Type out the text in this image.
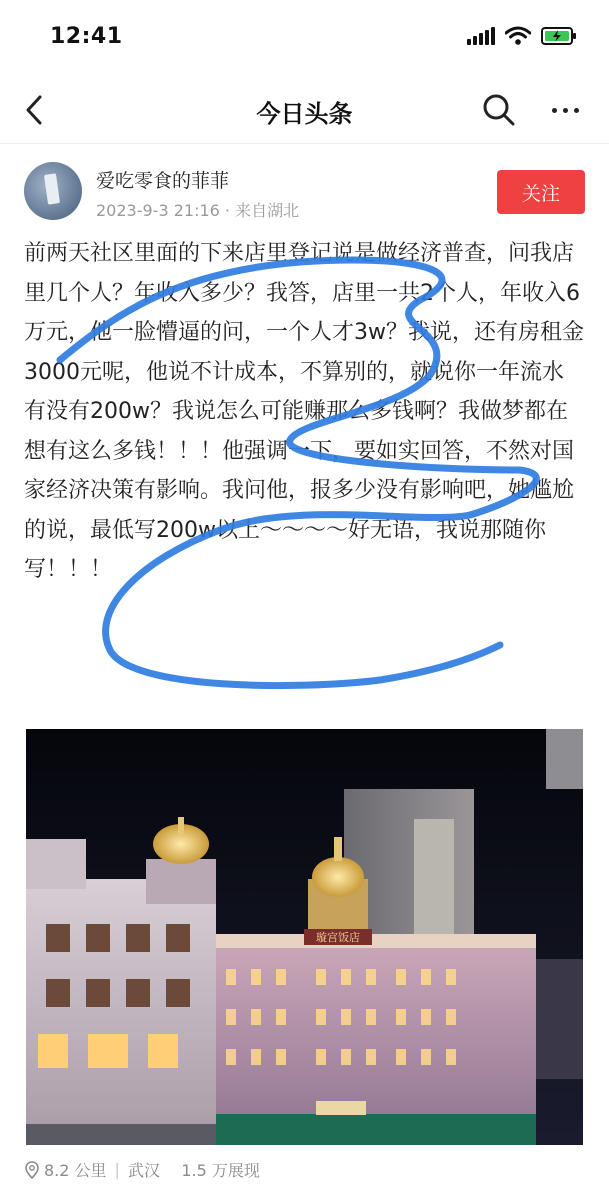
12:41
今日头条
爱吃零食的菲菲
2023-9-3 21:16 · 来自湖北
关注
前两天社区里面的下来店里登记说是做经济普查，问我店里几个人？年收入多少？我答，店里一共2个人，年收入6万元，他一脸懵逼的问，一个人才3w？我说，还有房租金3000元呢，他说不计成本，不算别的，就说你一年流水有没有200w？我说怎么可能赚那么多钱啊？我做梦都在想有这么多钱！！！他强调一下，要如实回答，不然对国家经济决策有影响。我问他，报多少没有影响吧，她尴尬的说，最低写200w以上～～～～好无语，我说那随你写！！！
璇宫饭店
8.2 公里 | 武汉 1.5 万展现
